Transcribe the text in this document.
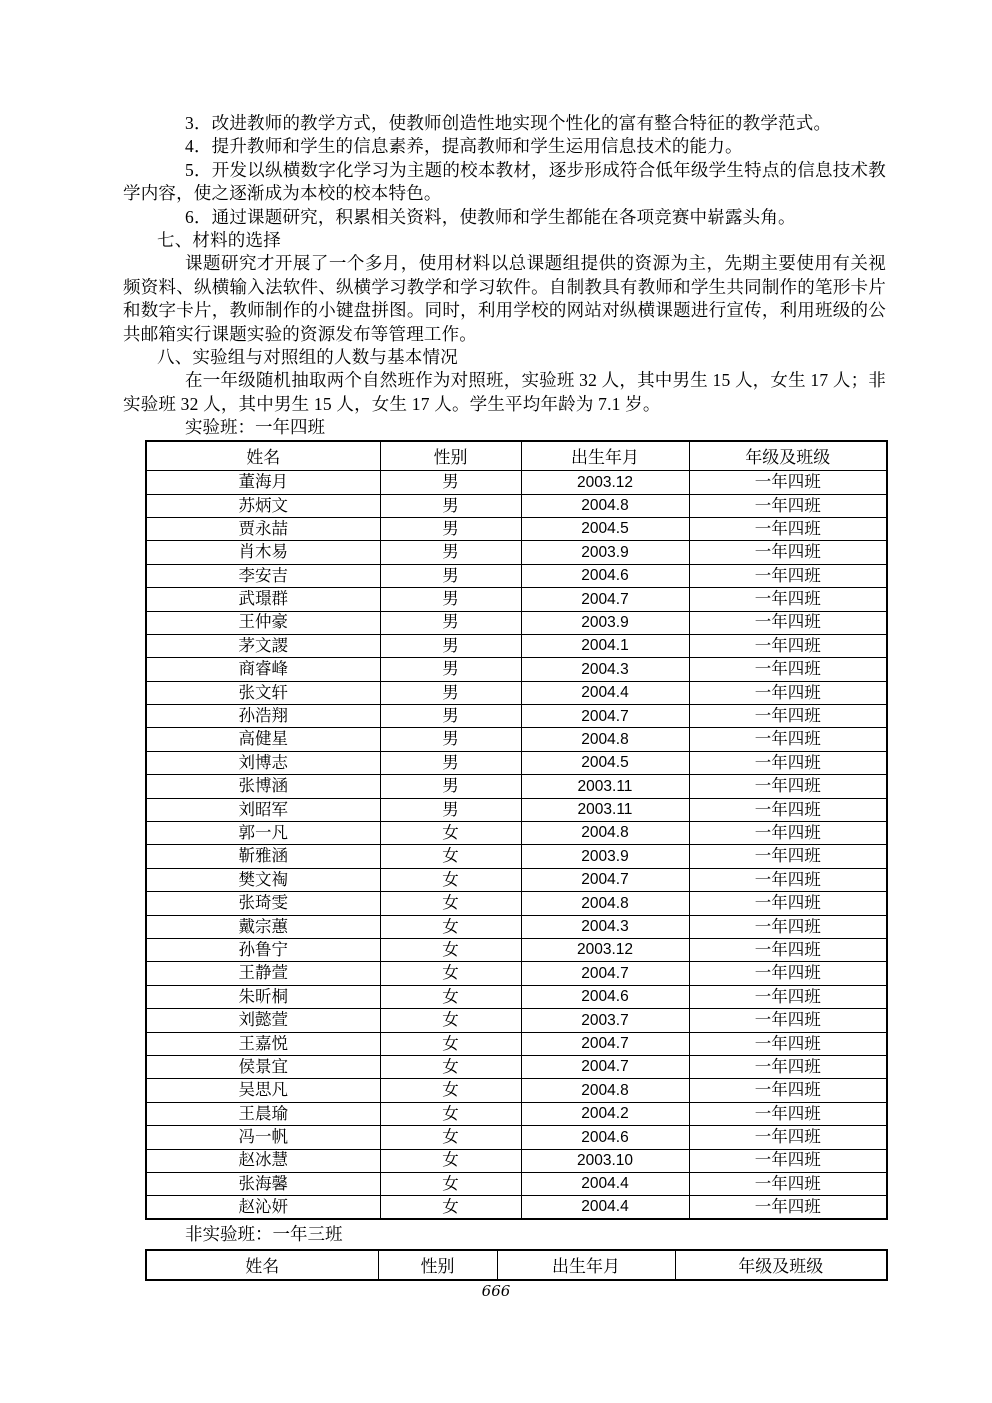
3．改进教师的教学方式，使教师创造性地实现个性化的富有整合特征的教学范式。

4．提升教师和学生的信息素养，提高教师和学生运用信息技术的能力。

5．开发以纵横数字化学习为主题的校本教材，逐步形成符合低年级学生特点的信息技术教学内容，使之逐渐成为本校的校本特色。

6．通过课题研究，积累相关资料，使教师和学生都能在各项竞赛中崭露头角。

七、材料的选择

课题研究才开展了一个多月，使用材料以总课题组提供的资源为主，先期主要使用有关视频资料、纵横输入法软件、纵横学习教学和学习软件。自制教具有教师和学生共同制作的笔形卡片和数字卡片，教师制作的小键盘拼图。同时，利用学校的网站对纵横课题进行宣传，利用班级的公共邮箱实行课题实验的资源发布等管理工作。

八、实验组与对照组的人数与基本情况

在一年级随机抽取两个自然班作为对照班，实验班 32 人，其中男生 15 人，女生 17 人；非实验班 32 人，其中男生 15 人，女生 17 人。学生平均年龄为 7.1 岁。

实验班：一年四班

姓名	性别	出生年月	年级及班级
董海月	男	2003.12	一年四班
苏炳文	男	2004.8	一年四班
贾永喆	男	2004.5	一年四班
肖木易	男	2003.9	一年四班
李安吉	男	2004.6	一年四班
武璟群	男	2004.7	一年四班
王仲豪	男	2003.9	一年四班
茅文謖	男	2004.1	一年四班
商睿峰	男	2004.3	一年四班
张文轩	男	2004.4	一年四班
孙浩翔	男	2004.7	一年四班
高健星	男	2004.8	一年四班
刘博志	男	2004.5	一年四班
张博涵	男	2003.11	一年四班
刘昭军	男	2003.11	一年四班
郭一凡	女	2004.8	一年四班
靳雅涵	女	2003.9	一年四班
樊文祹	女	2004.7	一年四班
张琦雯	女	2004.8	一年四班
戴宗蕙	女	2004.3	一年四班
孙鲁宁	女	2003.12	一年四班
王静萱	女	2004.7	一年四班
朱昕桐	女	2004.6	一年四班
刘懿萱	女	2003.7	一年四班
王嘉悦	女	2004.7	一年四班
侯景宜	女	2004.7	一年四班
吴思凡	女	2004.8	一年四班
王晨瑜	女	2004.2	一年四班
冯一帆	女	2004.6	一年四班
赵冰慧	女	2003.10	一年四班
张海馨	女	2004.4	一年四班
赵沁妍	女	2004.4	一年四班

非实验班：一年三班

姓名	性别	出生年月	年级及班级
666
